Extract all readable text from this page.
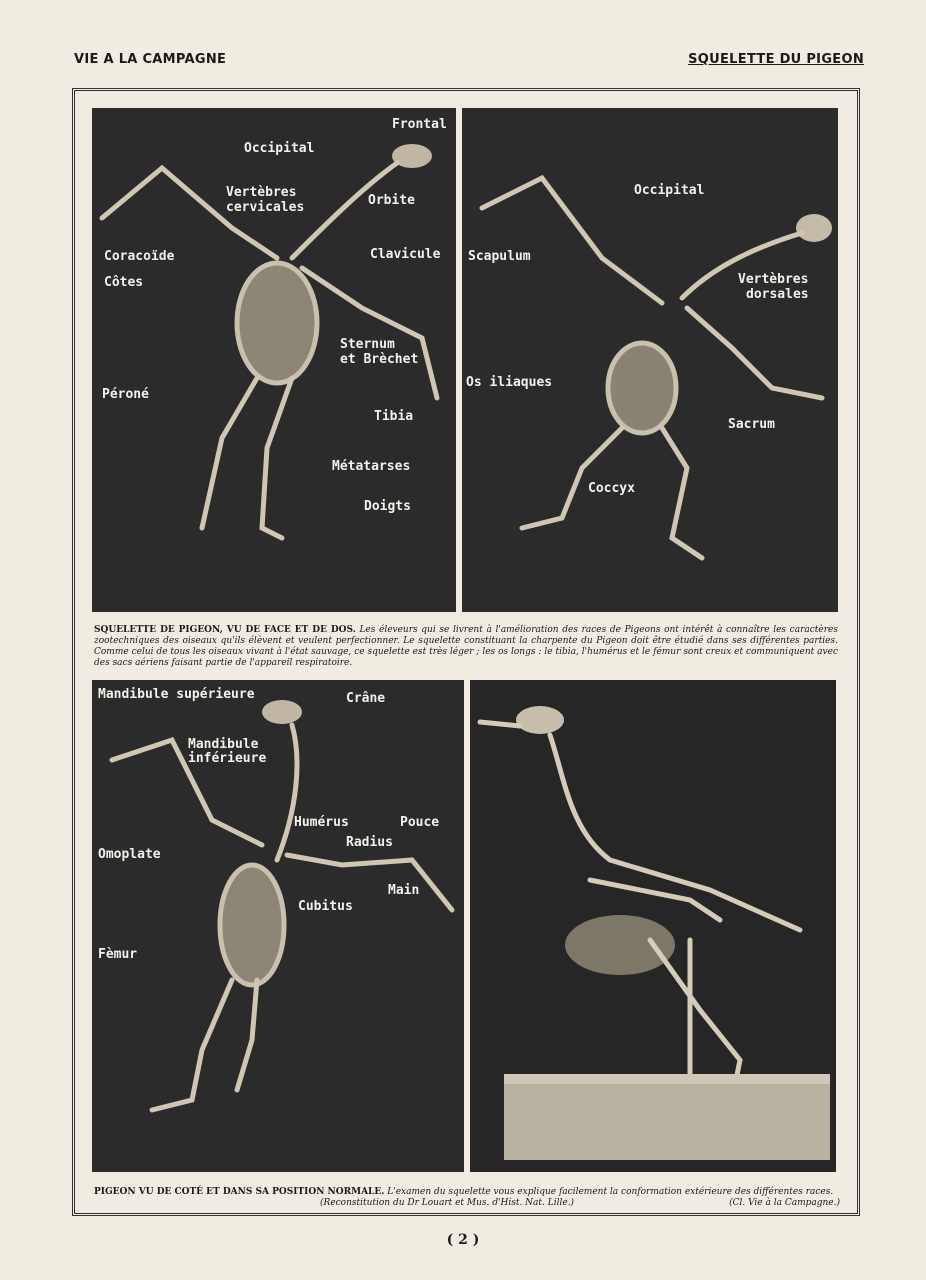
VIE A LA CAMPAGNE	SQUELETTE DU PIGEON
Frontal
Occipital
Vertèbres
cervicales	Orbite
Coracoïde	Clavicule
Côtes
Sternum
et Brèchet
Péroné
Tibia
Métatarses
Doigts
Occipital
Scapulum
Vertèbres
dorsales
Os iliaques
Sacrum
Coccyx
SQUELETTE DE PIGEON, VU DE FACE ET DE DOS. Les éleveurs qui se livrent à l'amélioration des races de Pigeons ont intérêt à connaître les caractères zootechniques des oiseaux qu'ils élèvent et veulent perfectionner. Le squelette constituant la charpente du Pigeon doit être étudié dans ses différentes parties. Comme celui de tous les oiseaux vivant à l'état sauvage, ce squelette est très léger ; les os longs : le tibia, l'humérus et le fémur sont creux et communiquent avec des sacs aériens faisant partie de l'appareil respiratoire.
Mandibule supérieure	Crâne
Mandibule
inférieure
Humérus	Pouce
Radius
Omoplate
Main
Cubitus
Fèmur
PIGEON VU DE COTÉ ET DANS SA POSITION NORMALE. L'examen du squelette vous explique facilement la conformation extérieure des différentes races.
(Reconstitution du Dr Louart et Mus. d'Hist. Nat. Lille.)	(Cl. Vie à la Campagne.)
( 2 )
